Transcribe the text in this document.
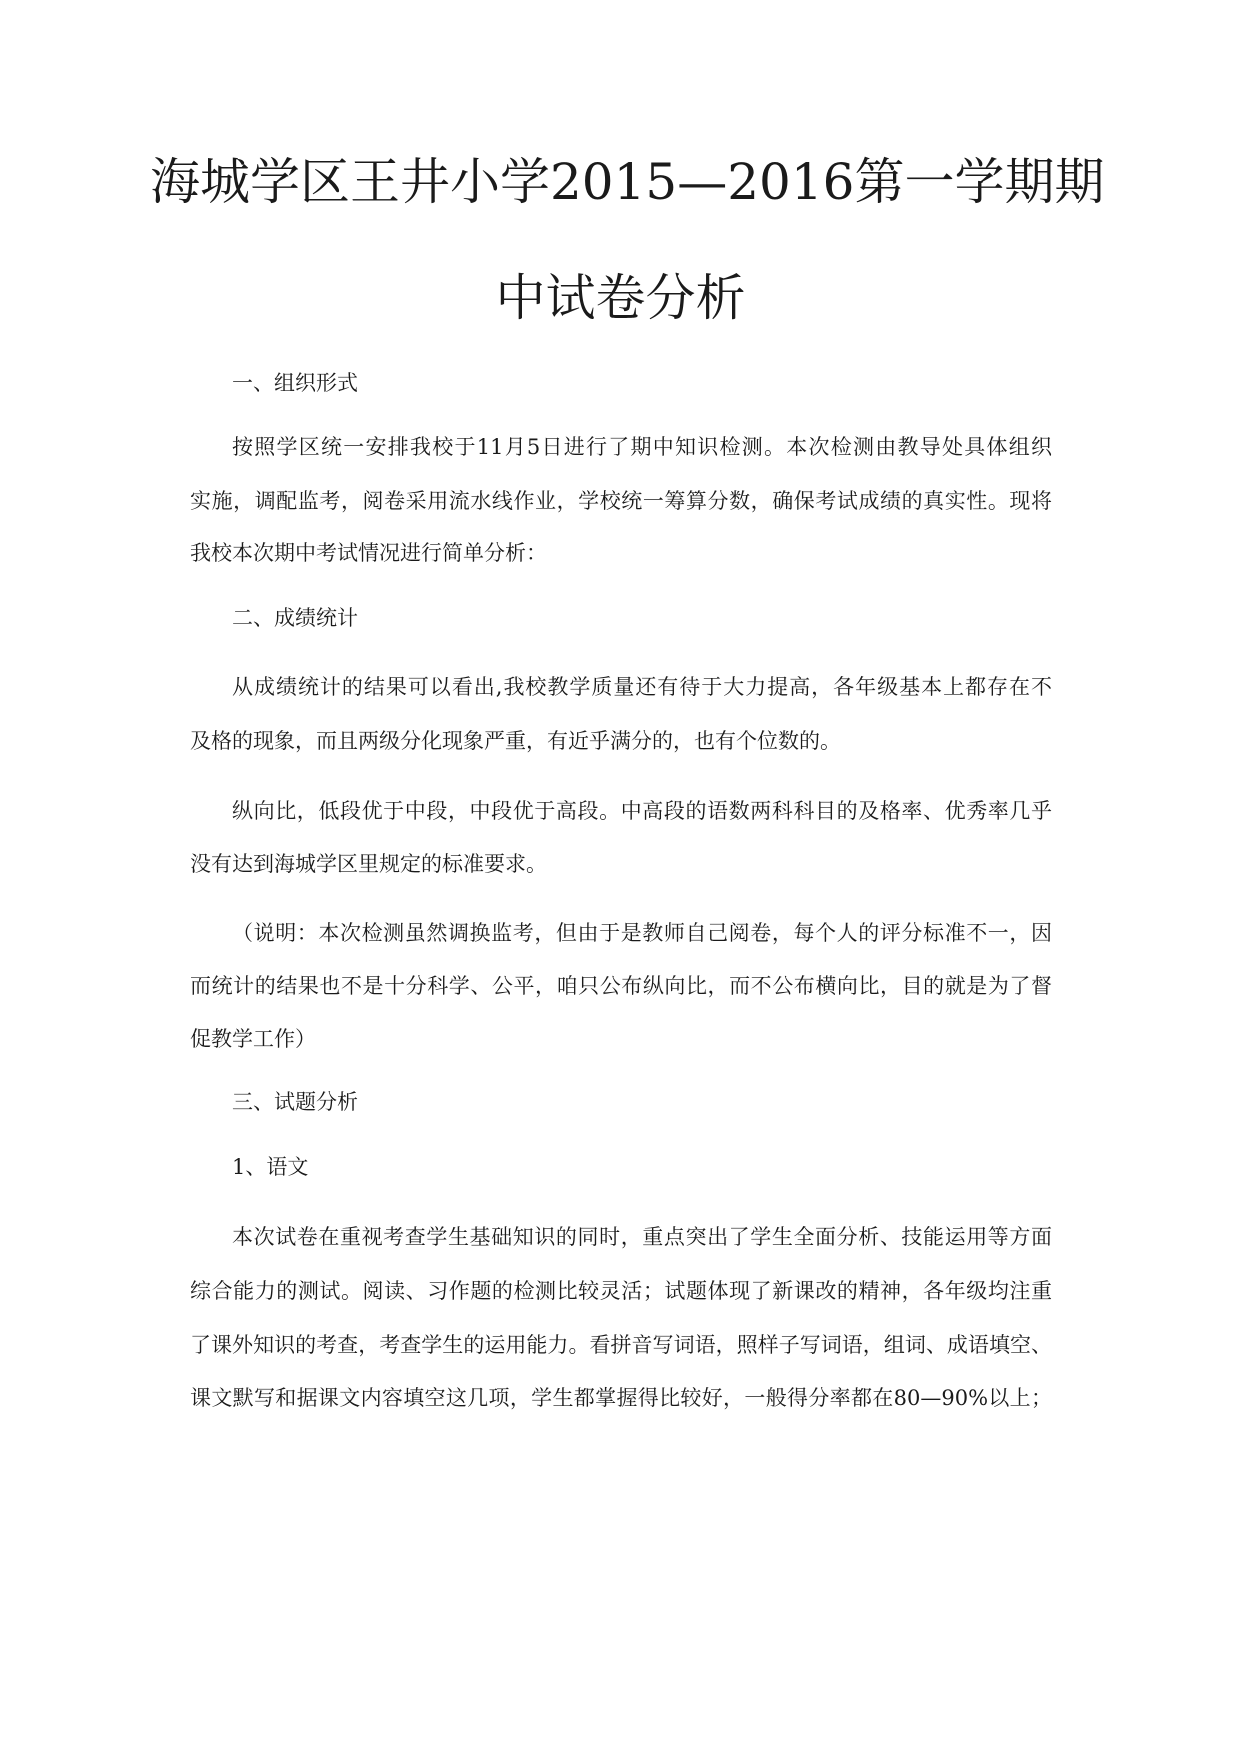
海城学区王井小学2015—2016第一学期期
中试卷分析

一、组织形式

按照学区统一安排我校于11月5日进行了期中知识检测。本次检测由教导处具体组织

实施，调配监考，阅卷采用流水线作业，学校统一筹算分数，确保考试成绩的真实性。现将

我校本次期中考试情况进行简单分析：

二、成绩统计

从成绩统计的结果可以看出,我校教学质量还有待于大力提高，各年级基本上都存在不

及格的现象，而且两级分化现象严重，有近乎满分的，也有个位数的。

纵向比，低段优于中段，中段优于高段。中高段的语数两科科目的及格率、优秀率几乎

没有达到海城学区里规定的标准要求。

（说明：本次检测虽然调换监考，但由于是教师自己阅卷，每个人的评分标准不一，因

而统计的结果也不是十分科学、公平，咱只公布纵向比，而不公布横向比，目的就是为了督

促教学工作）

三、试题分析

1、语文

本次试卷在重视考查学生基础知识的同时，重点突出了学生全面分析、技能运用等方面

综合能力的测试。阅读、习作题的检测比较灵活；试题体现了新课改的精神，各年级均注重

了课外知识的考查，考查学生的运用能力。看拼音写词语，照样子写词语，组词、成语填空、

课文默写和据课文内容填空这几项，学生都掌握得比较好，一般得分率都在80—90%以上；
